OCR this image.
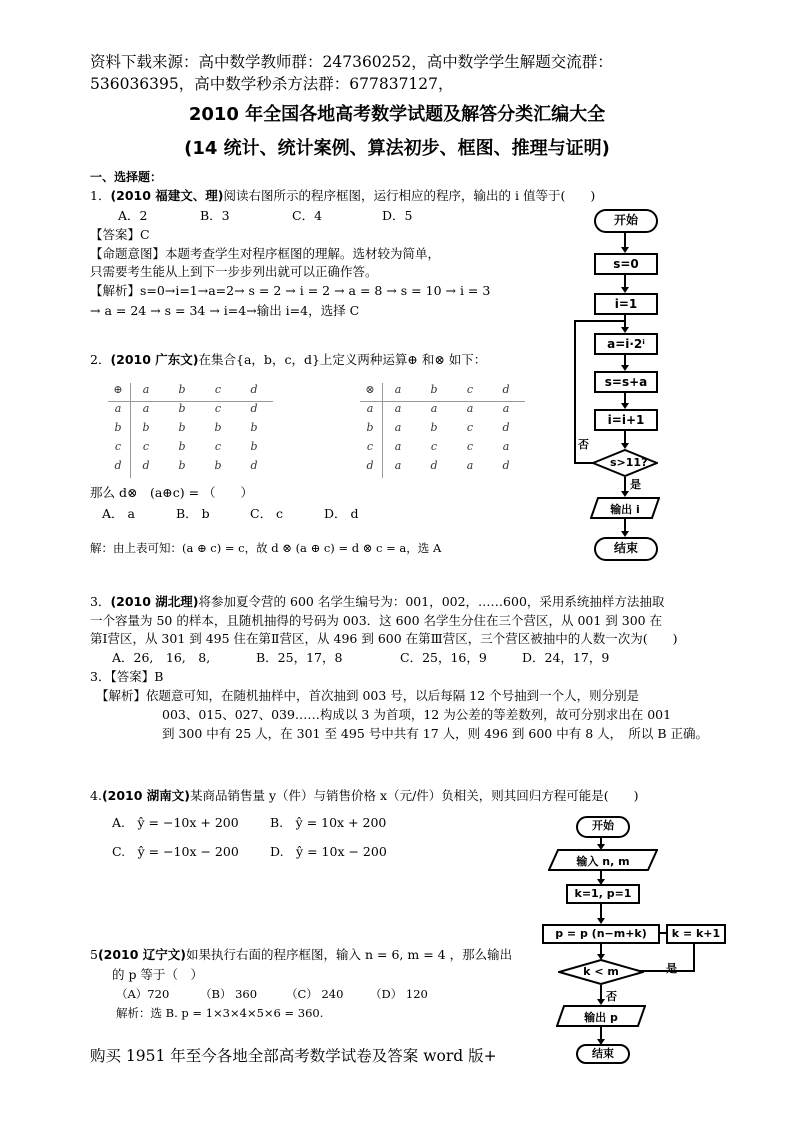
资料下载来源：高中数学教师群：247360252，高中数学学生解题交流群：
536036395，高中数学秒杀方法群：677837127，
2010 年全国各地高考数学试题及解答分类汇编大全
(14 统计、统计案例、算法初步、框图、推理与证明)
一、选择题：
1．(2010 福建文、理)阅读右图所示的程序框图，运行相应的程序，输出的 i 值等于(　　)
A．2	B．3	C．4	D．5
【答案】C
【命题意图】本题考查学生对程序框图的理解。选材较为简单，
只需要考生能从上到下一步步列出就可以正确作答。
【解析】s=0→i=1→a=2→ s = 2 → i = 2 → a = 8 → s = 10 → i = 3
→ a = 24 → s = 34 → i=4→输出 i=4，选择 C
开始
s=0
i=1
a=i·2ⁱ
s=s+a
i=i+1
s>11?
否
是
输出 i
结束
2．(2010 广东文)在集合{a，b，c，d}上定义两种运算⊕ 和⊗ 如下：
⊕	a	b	c	d
a	a	b	c	d
b	b	b	b	b
c	c	b	c	b
d	d	b	b	d
⊗	a	b	c	d
a	a	a	a	a
b	a	b	c	d
c	a	c	c	a
d	a	d	a	d
那么 d⊗　(a⊕c) = （　　）
A． a	B． b	C． c	D． d
解：由上表可知：(a ⊕ c) = c，故 d ⊗ (a ⊕ c) = d ⊗ c = a，选 A
3．(2010 湖北理)将参加夏令营的 600 名学生编号为：001，002，……600，采用系统抽样方法抽取
一个容量为 50 的样本，且随机抽得的号码为 003．这 600 名学生分住在三个营区，从 001 到 300 在
第Ⅰ营区，从 301 到 495 住在第Ⅱ营区，从 496 到 600 在第Ⅲ营区，三个营区被抽中的人数一次为(　　)
A．26,　16,　8,	B．25，17，8	C．25，16，9	D．24，17，9
3．【答案】B
【解析】依题意可知，在随机抽样中，首次抽到 003 号，以后每隔 12 个号抽到一个人，则分别是
003、015、027、039……构成以 3 为首项，12 为公差的等差数列，故可分别求出在 001
到 300 中有 25 人，在 301 至 495 号中共有 17 人，则 496 到 600 中有 8 人，　所以 B 正确。
4.(2010 湖南文)某商品销售量 y（件）与销售价格 x（元/件）负相关，则其回归方程可能是(　　)
A.　ŷ = −10x + 200	B.　ŷ = 10x + 200
C.　ŷ = −10x − 200 D.　ŷ = 10x − 200
5(2010 辽宁文)如果执行右面的程序框图，输入 n = 6, m = 4 ，那么输出
的 p 等于（　）
（A）720	（B） 360	（C） 240 （D） 120
解析：选 B. p = 1×3×4×5×6 = 360.
开始
输入 n, m
k=1, p=1
p = p (n−m+k)	k = k+1
是
k < m
否
输出 p
结束
购买 1951 年至今各地全部高考数学试卷及答案 word 版+
